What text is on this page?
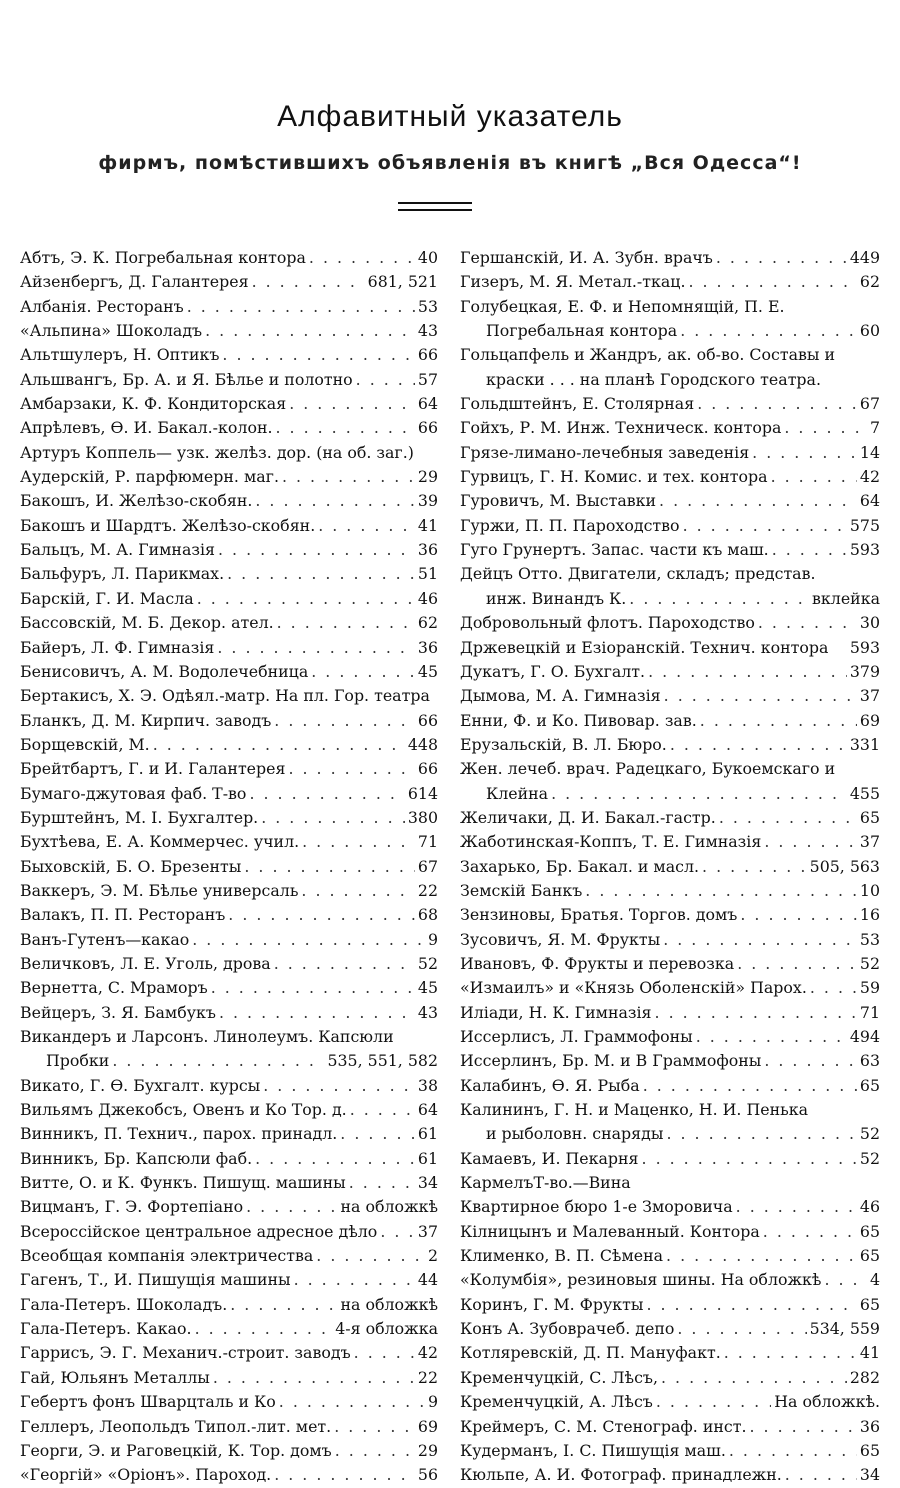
Алфавитный указатель
фирмъ, помѣстившихъ объявленія въ книгѣ „Вся Одесса“!
Абтъ, Э. К. Погребальная контора . . .	40
Айзенбергъ, Д. Галантерея . . .	681, 521
Албанія. Ресторанъ . . .	53
«Альпина» Шоколадъ . . .	43
Альтшулеръ, Н. Оптикъ . . .	66
Альшвангъ, Бр. А. и Я. Бѣлье и полотно . . .	57
Амбарзаки, К. Ф. Кондиторская . . .	64
Апрѣлевъ, Ѳ. И. Бакал.-колон. . . .	66
Артуръ Коппель— узк. желѣз. дор. (на об. заг.)
Аудерскій, Р. парфюмерн. маг. . . .	29
Бакошъ, И. Желѣзо-скобян. . . .	39
Бакошъ и Шардтъ. Желѣзо-скобян. . . .	41
Бальцъ, М. А. Гимназія . . .	36
Бальфуръ, Л. Парикмах. . . .	51
Барскій, Г. И. Масла . . .	46
Бассовскій, М. Б. Декор. ател. . . .	62
Байеръ, Л. Ф. Гимназія . . .	36
Бенисовичъ, А. М. Водолечебница . . .	45
Бертакисъ, Х. Э. Одѣял.-матр. На пл. Гор. театра
Бланкъ, Д. М. Кирпич. заводъ . . .	66
Борщевскій, М. . . .	448
Брейтбартъ, Г. и И. Галантерея . . .	66
Бумаго-джутовая фаб. Т-во . . .	614
Бурштейнъ, М. I. Бухгалтер. . . .	380
Бухтѣева, Е. А. Коммерчес. учил. . . .	71
Быховскій, Б. О. Брезенты . . .	67
Ваккеръ, Э. М. Бѣлье универсаль . . .	22
Валакъ, П. П. Ресторанъ . . .	68
Ванъ-Гутенъ—какао . . .	9
Величковъ, Л. Е. Уголь, дрова . . .	52
Вернетта, С. Мраморъ . . .	45
Вейцеръ, З. Я. Бамбукъ . . .	43
Викандеръ и Ларсонъ. Линолеумъ. Капсюли
Пробки . . .	535, 551, 582
Викато, Г. Ѳ. Бухгалт. курсы . . .	38
Вильямъ Джекобсъ, Овенъ и Ко Тор. д. . . .	64
Винникъ, П. Технич., парох. принадл. . . .	61
Винникъ, Бр. Капсюли фаб. . . .	61
Витте, О. и К. Функъ. Пишущ. машины . . .	34
Вицманъ, Г. Э. Фортепіано . . .	на обложкѣ
Всероссійское центральное адресное дѣло . . .	37
Всеобщая компанія электричества . . .	2
Гагенъ, Т., И. Пишущія машины . . .	44
Гала-Петеръ. Шоколадъ. . . .	на обложкѣ
Гала-Петеръ. Какао. . . .	4-я обложка
Гаррисъ, Э. Г. Механич.-строит. заводъ . . .	42
Гай, Юльянъ Металлы . . .	22
Гебертъ фонъ Шварцталь и Ко . . .	9
Геллеръ, Леопольдъ Типол.-лит. мет. . . .	69
Георги, Э. и Раговецкій, К. Тор. домъ . . .	29
«Георгій» «Оріонъ». Пароход. . . .	56
Гершанскій, И. А. Зубн. врачъ . . .	449
Гизеръ, М. Я. Метал.-ткац. . . .	62
Голубецкая, Е. Ф. и Непомнящій, П. Е.
Погребальная контора . . .	60
Гольцапфель и Жандръ, ак. об-во. Составы и
краски . . . на планѣ Городского театра.
Гольдштейнъ, Е. Столярная . . .	67
Гойхъ, Р. М. Инж. Техническ. контора . . .	7
Грязе-лимано-лечебныя заведенія . . .	14
Гурвицъ, Г. Н. Комис. и тех. контора . . .	42
Гуровичъ, М. Выставки . . .	64
Гуржи, П. П. Пароходство . . .	575
Гуго Грунертъ. Запас. части къ маш. . . .	593
Дейцъ Отто. Двигатели, складъ; предстaв.
инж. Винандъ К. . . .	вклейка
Добровольный флотъ. Пароходство . . .	30
Држевецкій и Езіоранскій. Технич. контора 593
Дукатъ, Г. О. Бухгалт. . . .	379
Дымова, М. А. Гимназія . . .	37
Енни, Ф. и Ко. Пивовар. зав. . . .	69
Ерузальскій, В. Л. Бюро. . . .	331
Жен. лечеб. врач. Радецкаго, Букоемскаго и
Клейна . . .	455
Желичаки, Д. И. Бакал.-гастр. . . .	65
Жаботинская-Коппъ, Т. Е. Гимназія . . .	37
Захарько, Бр. Бакал. и масл. . . .	505, 563
Земскій Банкъ . . .	10
Зензиновы, Братья. Торгов. домъ . . .	16
Зусовичъ, Я. М. Фрукты . . .	53
Ивановъ, Ф. Фрукты и перевозка . . .	52
«Измаилъ» и «Князь Оболенскій» Парох. . . .	59
Иліади, Н. К. Гимназія . . .	71
Иссерлисъ, Л. Граммофоны . . .	494
Иссерлинъ, Бр. М. и В Граммофоны . . .	63
Калабинъ, Ѳ. Я. Рыба . . .	65
Калининъ, Г. Н. и Маценко, Н. И. Пенька
и рыболовн. снаряды . . .	52
Камаевъ, И. Пекарня . . .	52
КармелъТ-во.—Вина
Квартирное бюро 1-е Зморовича . . .	46
Кілницынъ и Малеванный. Контора . . .	65
Клименко, В. П. Сѣмена . . .	65
«Колумбія», резиновыя шины. На обложкѣ . . .	4
Коринъ, Г. М. Фрукты . . .	65
Конъ А. Зубоврачеб. депо . . .	534, 559
Котляревскій, Д. П. Мануфакт. . . .	41
Кременчуцкій, С. Лѣсъ, . . .	282
Кременчуцкій, А. Лѣсъ . . .	На обложкѣ.
Креймеръ, С. М. Стенограф. инст. . . .	36
Кудерманъ, I. С. Пишущія маш. . . .	65
Кюльпе, А. И. Фотограф. принадлежн. . . .	34
